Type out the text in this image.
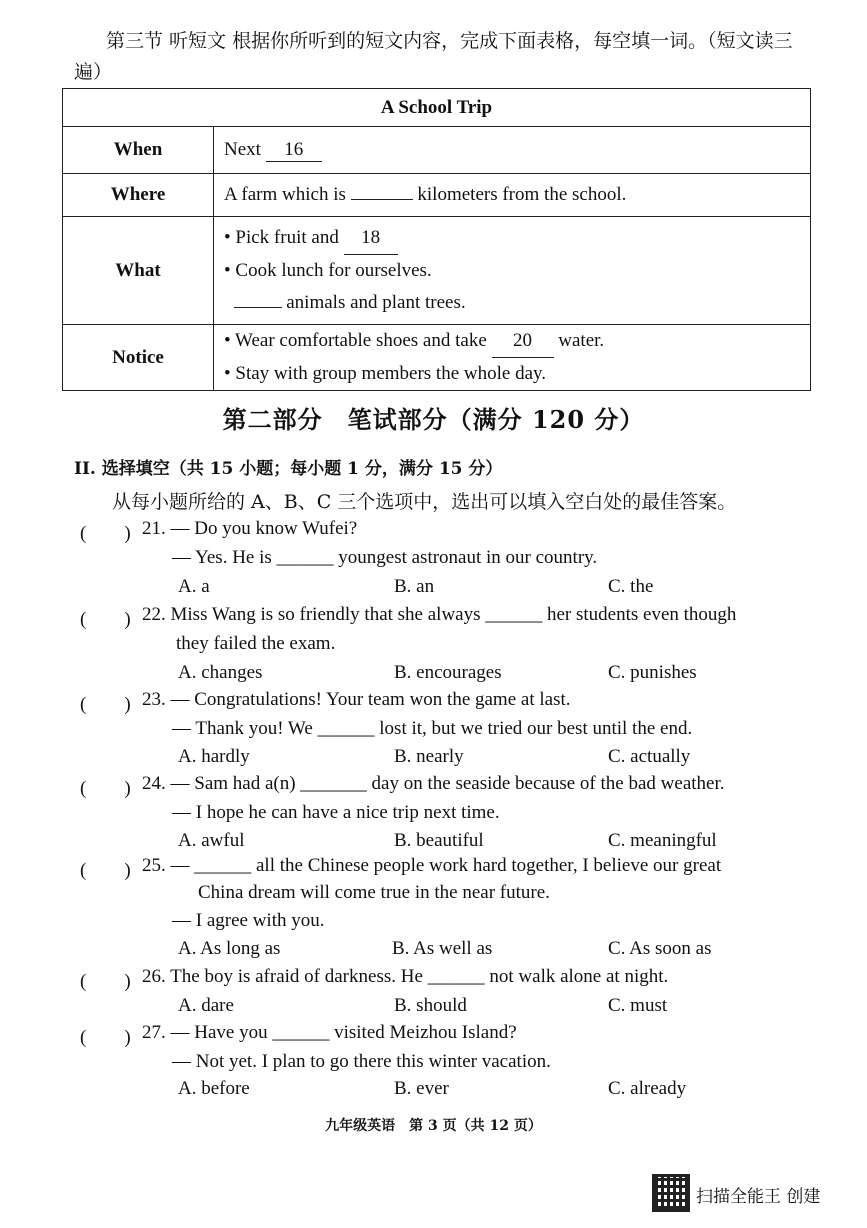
第三节 听短文 根据你所听到的短文内容，完成下面表格，每空填一词。（短文读三遍）
A School Trip	
When	Next 16
Where	A farm which is kilometers from the school.
What	• Pick fruit and 18
• Cook lunch for ourselves.
animals and plant trees.

Notice	• Wear comfortable shoes and take 20 water.
• Stay with group members the whole day.
第二部分　笔试部分（满分 120 分）
II. 选择填空（共 15 小题；每小题 1 分，满分 15 分）
从每小题所给的 A、B、C 三个选项中，选出可以填入空白处的最佳答案。
(　　) 21. — Do you know Wufei?
— Yes. He is ______ youngest astronaut in our country.
A. a	B. an	C. the
(　　) 22. Miss Wang is so friendly that she always ______ her students even though
they failed the exam.
A. changes	B. encourages	C. punishes
(　　) 23. — Congratulations! Your team won the game at last.
— Thank you! We ______ lost it, but we tried our best until the end.
A. hardly	B. nearly	C. actually
(　　) 24. — Sam had a(n) _______ day on the seaside because of the bad weather.
— I hope he can have a nice trip next time.
A. awful	B. beautiful	C. meaningful
(　　) 25. — ______ all the Chinese people work hard together, I believe our great
China dream will come true in the near future.
— I agree with you.
A. As long as	B. As well as	C. As soon as
(　　) 26. The boy is afraid of darkness. He ______ not walk alone at night.
A. dare	B. should	C. must
(　　) 27. — Have you ______ visited Meizhou Island?
— Not yet. I plan to go there this winter vacation.
A. before	B. ever	C. already
九年级英语　第 3 页（共 12 页）
扫描全能王 创建
